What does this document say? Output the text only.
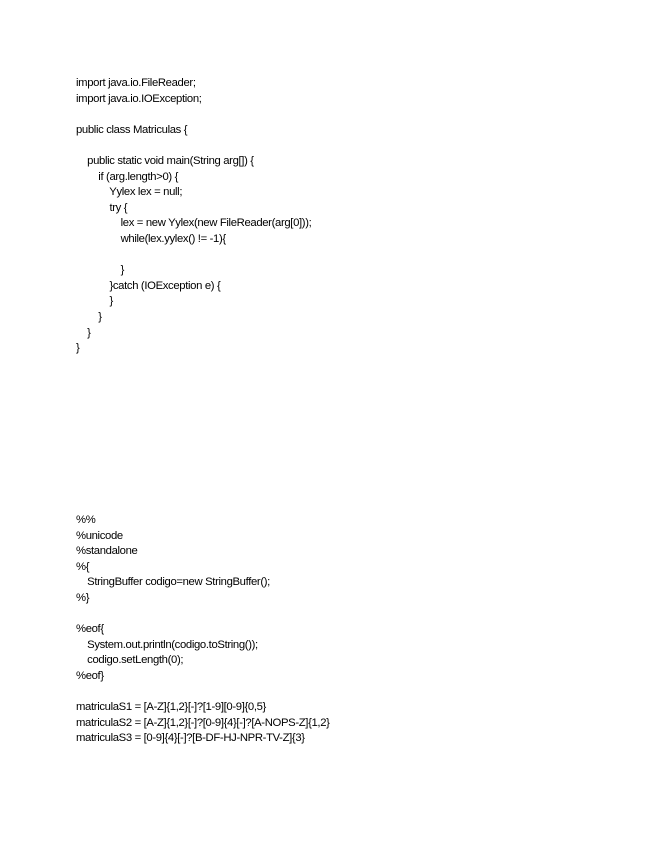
import java.io.FileReader;
import java.io.IOException;
public class Matriculas {
public static void main(String arg[]) {
if (arg.length>0) {
Yylex lex = null;
try {
lex = new Yylex(new FileReader(arg[0]));
while(lex.yylex() != -1){
}
}catch (IOException e) {
}
}
}
}
%%
%unicode
%standalone
%{
StringBuffer codigo=new StringBuffer();
%}
%eof{
System.out.println(codigo.toString());
codigo.setLength(0);
%eof}
matriculaS1 = [A-Z]{1,2}[-]?[1-9][0-9]{0,5}
matriculaS2 = [A-Z]{1,2}[-]?[0-9]{4}[-]?[A-NOPS-Z]{1,2}
matriculaS3 = [0-9]{4}[-]?[B-DF-HJ-NPR-TV-Z]{3}
